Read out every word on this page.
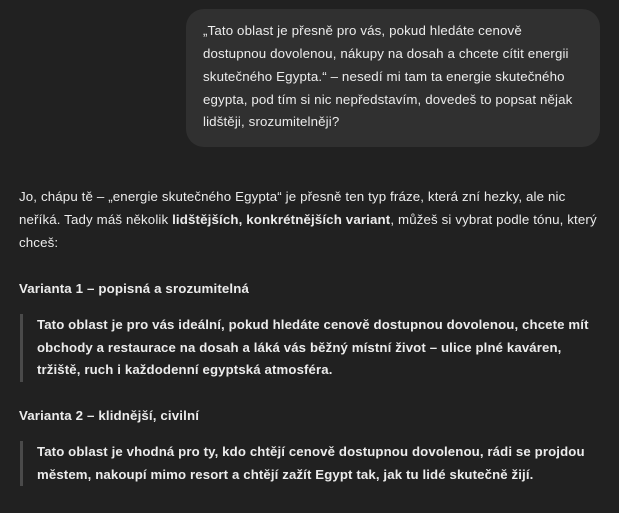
„Tato oblast je přesně pro vás, pokud hledáte cenově dostupnou dovolenou, nákupy na dosah a chcete cítit energii skutečného Egypta.“ – nesedí mi tam ta energie skutečného egypta, pod tím si nic nepředstavím, dovedeš to popsat nějak lidštěji, srozumitelněji?

Jo, chápu tě – „energie skutečného Egypta“ je přesně ten typ fráze, která zní hezky, ale nic neříká. Tady máš několik lidštějších, konkrétnějších variant, můžeš si vybrat podle tónu, který chceš:

Varianta 1 – popisná a srozumitelná

Tato oblast je pro vás ideální, pokud hledáte cenově dostupnou dovolenou, chcete mít obchody a restaurace na dosah a láká vás běžný místní život – ulice plné kaváren, tržiště, ruch i každodenní egyptská atmosféra.

Varianta 2 – klidnější, civilní

Tato oblast je vhodná pro ty, kdo chtějí cenově dostupnou dovolenou, rádi se projdou městem, nakoupí mimo resort a chtějí zažít Egypt tak, jak tu lidé skutečně žijí.
